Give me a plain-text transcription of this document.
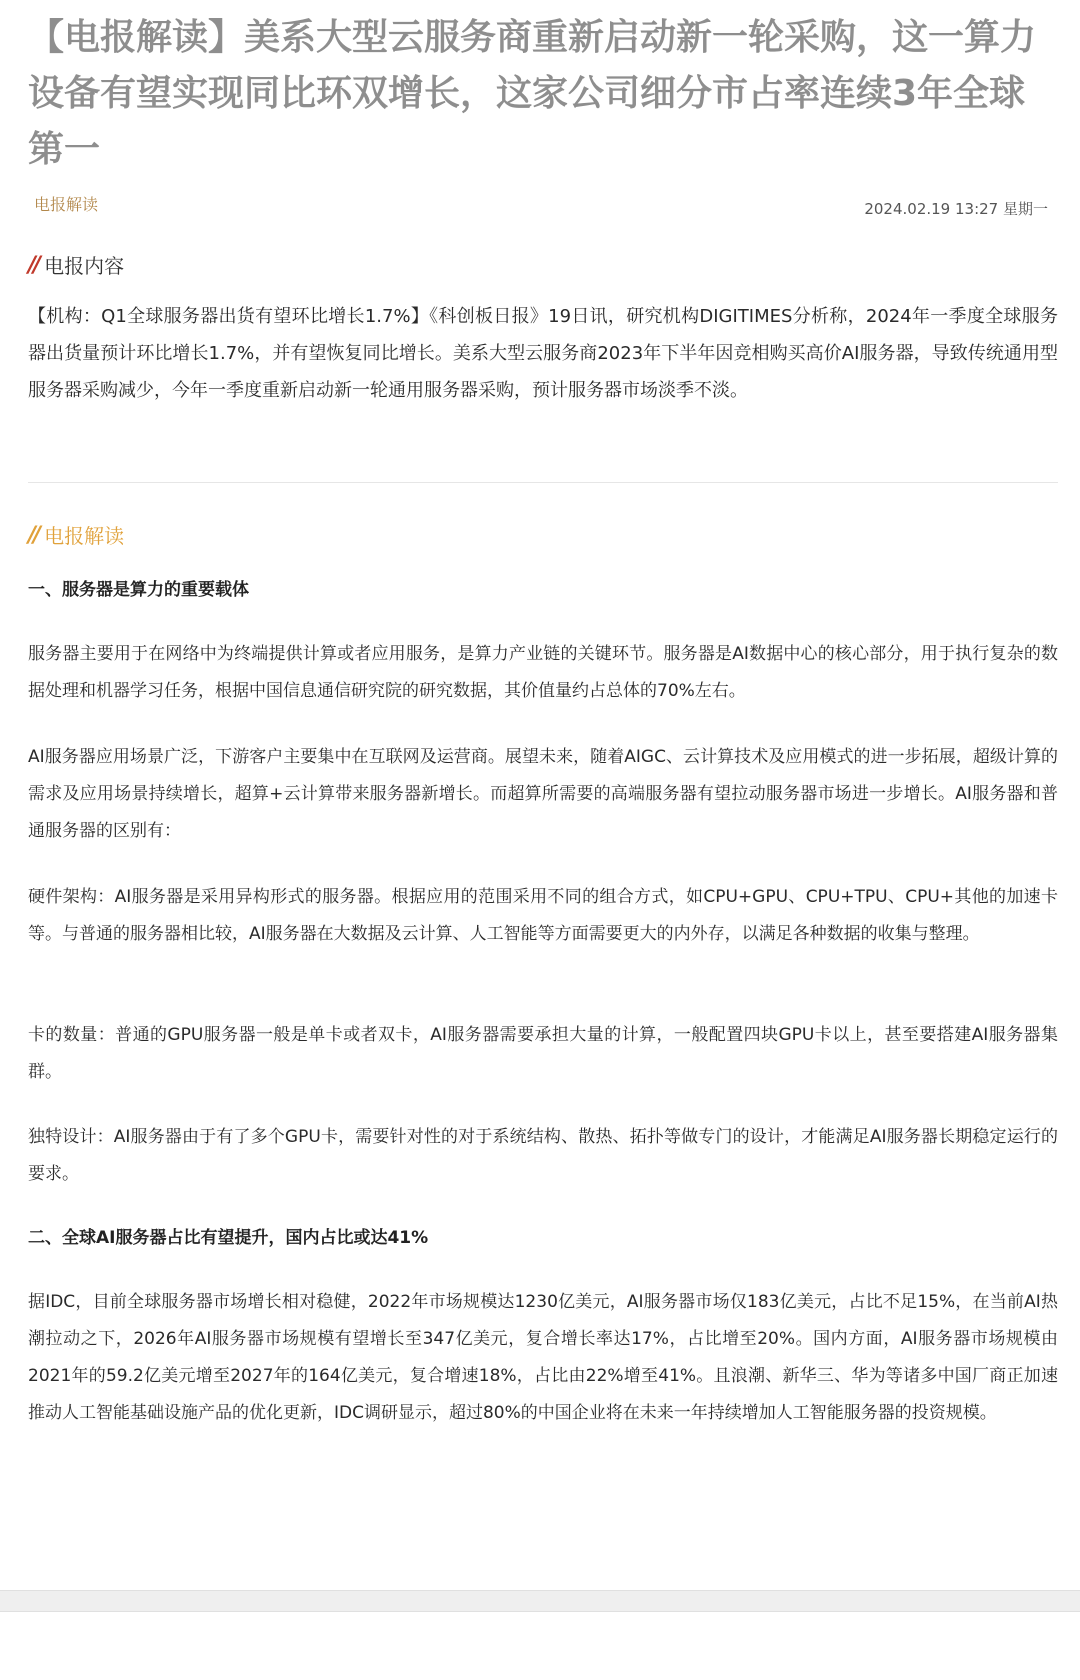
【电报解读】美系大型云服务商重新启动新一轮采购，这一算力设备有望实现同比环双增长，这家公司细分市占率连续3年全球第一
电报解读	2024.02.19 13:27 星期一
// 电报内容

【机构：Q1全球服务器出货有望环比增长1.7%】《科创板日报》19日讯，研究机构DIGITIMES分析称，2024年一季度全球服务器出货量预计环比增长1.7%，并有望恢复同比增长。美系大型云服务商2023年下半年因竞相购买高价AI服务器，导致传统通用型服务器采购减少，今年一季度重新启动新一轮通用服务器采购，预计服务器市场淡季不淡。

// 电报解读
一、服务器是算力的重要载体

服务器主要用于在网络中为终端提供计算或者应用服务，是算力产业链的关键环节。服务器是AI数据中心的核心部分，用于执行复杂的数据处理和机器学习任务，根据中国信息通信研究院的研究数据，其价值量约占总体的70%左右。

AI服务器应用场景广泛，下游客户主要集中在互联网及运营商。展望未来，随着AIGC、云计算技术及应用模式的进一步拓展，超级计算的需求及应用场景持续增长，超算+云计算带来服务器新增长。而超算所需要的高端服务器有望拉动服务器市场进一步增长。AI服务器和普通服务器的区别有：

硬件架构：AI服务器是采用异构形式的服务器。根据应用的范围采用不同的组合方式，如CPU+GPU、CPU+TPU、CPU+其他的加速卡等。与普通的服务器相比较，AI服务器在大数据及云计算、人工智能等方面需要更大的内外存，以满足各种数据的收集与整理。

卡的数量：普通的GPU服务器一般是单卡或者双卡，AI服务器需要承担大量的计算，一般配置四块GPU卡以上，甚至要搭建AI服务器集群。

独特设计：AI服务器由于有了多个GPU卡，需要针对性的对于系统结构、散热、拓扑等做专门的设计，才能满足AI服务器长期稳定运行的要求。

二、全球AI服务器占比有望提升，国内占比或达41%

据IDC，目前全球服务器市场增长相对稳健，2022年市场规模达1230亿美元，AI服务器市场仅183亿美元，占比不足15%，在当前AI热潮拉动之下，2026年AI服务器市场规模有望增长至347亿美元，复合增长率达17%，占比增至20%。国内方面，AI服务器市场规模由2021年的59.2亿美元增至2027年的164亿美元，复合增速18%，占比由22%增至41%。且浪潮、新华三、华为等诸多中国厂商正加速推动人工智能基础设施产品的优化更新，IDC调研显示，超过80%的中国企业将在未来一年持续增加人工智能服务器的投资规模。
